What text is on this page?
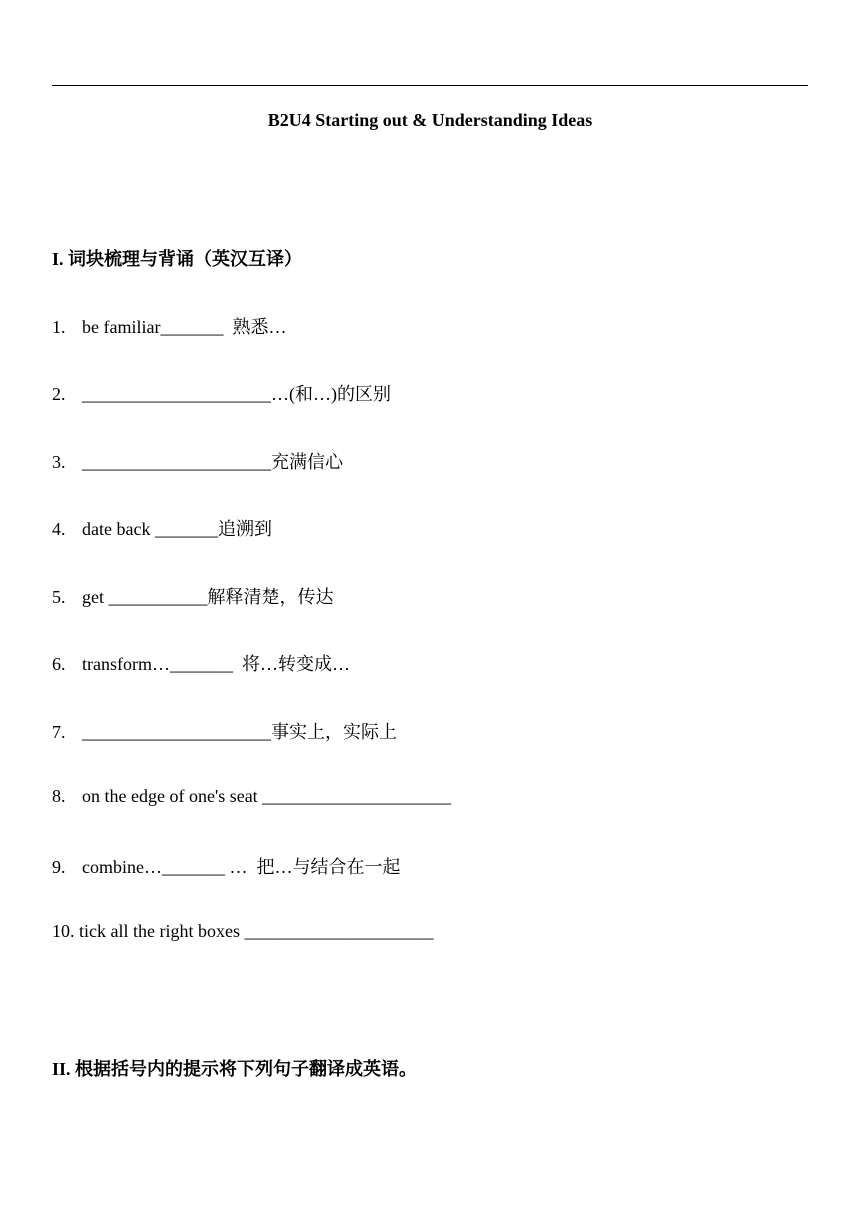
B2U4 Starting out & Understanding Ideas
I. 词块梳理与背诵（英汉互译）
1. be familiar_______  熟悉…
2. _____________________…(和…)的区别
3. _____________________充满信心
4. date back _______追溯到
5. get ___________解释清楚，传达
6. transform…_______  将…转变成…
7. _____________________事实上，实际上
8. on the edge of one's seat _____________________
9. combine…_______ …  把…与结合在一起
10. tick all the right boxes _____________________
II. 根据括号内的提示将下列句子翻译成英语。
